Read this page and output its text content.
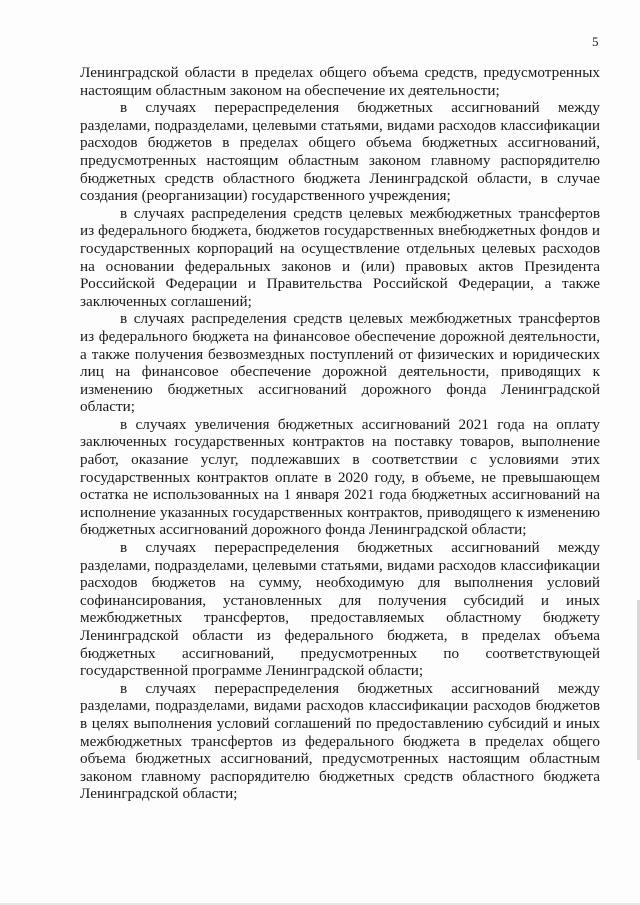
5

Ленинградской области в пределах общего объема средств, предусмотренных настоящим областным законом на обеспечение их деятельности;

в случаях перераспределения бюджетных ассигнований между разделами, подразделами, целевыми статьями, видами расходов классификации расходов бюджетов в пределах общего объема бюджетных ассигнований, предусмотренных настоящим областным законом главному распорядителю бюджетных средств областного бюджета Ленинградской области, в случае создания (реорганизации) государственного учреждения;

в случаях распределения средств целевых межбюджетных трансфертов из федерального бюджета, бюджетов государственных внебюджетных фондов и государственных корпораций на осуществление отдельных целевых расходов на основании федеральных законов и (или) правовых актов Президента Российской Федерации и Правительства Российской Федерации, а также заключенных соглашений;

в случаях распределения средств целевых межбюджетных трансфертов из федерального бюджета на финансовое обеспечение дорожной деятельности, а также получения безвозмездных поступлений от физических и юридических лиц на финансовое обеспечение дорожной деятельности, приводящих к изменению бюджетных ассигнований дорожного фонда Ленинградской области;

в случаях увеличения бюджетных ассигнований 2021 года на оплату заключенных государственных контрактов на поставку товаров, выполнение работ, оказание услуг, подлежавших в соответствии с условиями этих государственных контрактов оплате в 2020 году, в объеме, не превышающем остатка не использованных на 1 января 2021 года бюджетных ассигнований на исполнение указанных государственных контрактов, приводящего к изменению бюджетных ассигнований дорожного фонда Ленинградской области;

в случаях перераспределения бюджетных ассигнований между разделами, подразделами, целевыми статьями, видами расходов классификации расходов бюджетов на сумму, необходимую для выполнения условий софинансирования, установленных для получения субсидий и иных межбюджетных трансфертов, предоставляемых областному бюджету Ленинградской области из федерального бюджета, в пределах объема бюджетных ассигнований, предусмотренных по соответствующей государственной программе Ленинградской области;

в случаях перераспределения бюджетных ассигнований между разделами, подразделами, видами расходов классификации расходов бюджетов в целях выполнения условий соглашений по предоставлению субсидий и иных межбюджетных трансфертов из федерального бюджета в пределах общего объема бюджетных ассигнований, предусмотренных настоящим областным законом главному распорядителю бюджетных средств областного бюджета Ленинградской области;
